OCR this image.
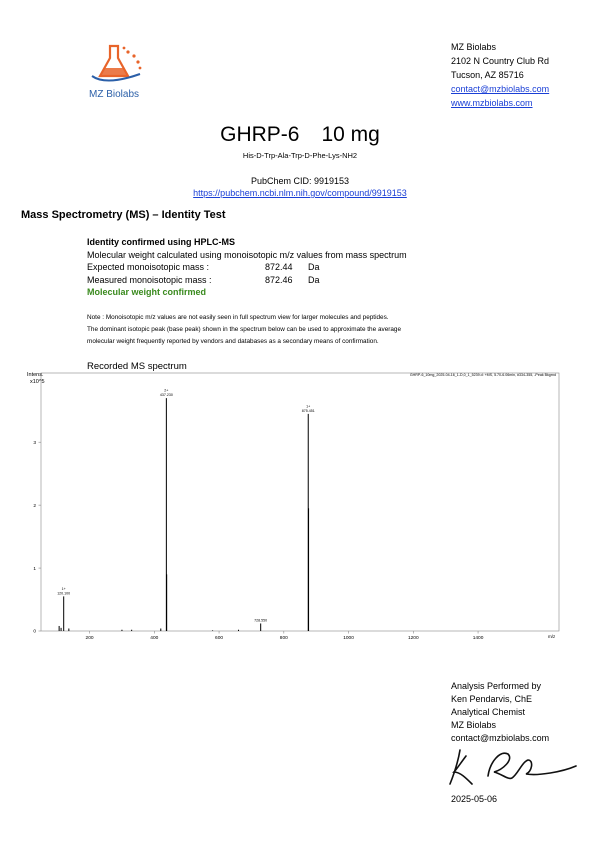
MZ Biolabs
MZ Biolabs
2102 N Country Club Rd
Tucson, AZ 85716
contact@mzbiolabs.com
www.mzbiolabs.com
GHRP-6 10 mg
His-D-Trp-Ala-Trp-D-Phe-Lys-NH2
PubChem CID: 9919153
https://pubchem.ncbi.nlm.nih.gov/compound/9919153
Mass Spectrometry (MS) – Identity Test
Identity confirmed using HPLC-MS
Molecular weight calculated using monoisotopic m/z values from mass spectrum
Expected monoisotopic mass :	872.44 Da
Measured monoisotopic mass :	872.46 Da
Molecular weight confirmed
Note : Monoisotopic m/z values are not easily seen in full spectrum view for larger molecules and peptides.
The dominant isotopic peak (base peak) shown in the spectrum below can be used to approximate the average
molecular weight frequently reported by vendors and databases as a secondary means of confirmation.
Recorded MS spectrum
Intens.
x10^5
GHRP-6_10mg_2025-04-16_1-D,0_1_5239.d: +MS, 5.70-6.06min, #334-355, -Peak Bkgrnd
m/z
200	400	600	800	1000	1200	1400
0
1
2
3
120.100
1+
437.230
2+
728.550
875.451
1+
Analysis Performed by
Ken Pendarvis, ChE
Analytical Chemist
MZ Biolabs
contact@mzbiolabs.com
2025-05-06
